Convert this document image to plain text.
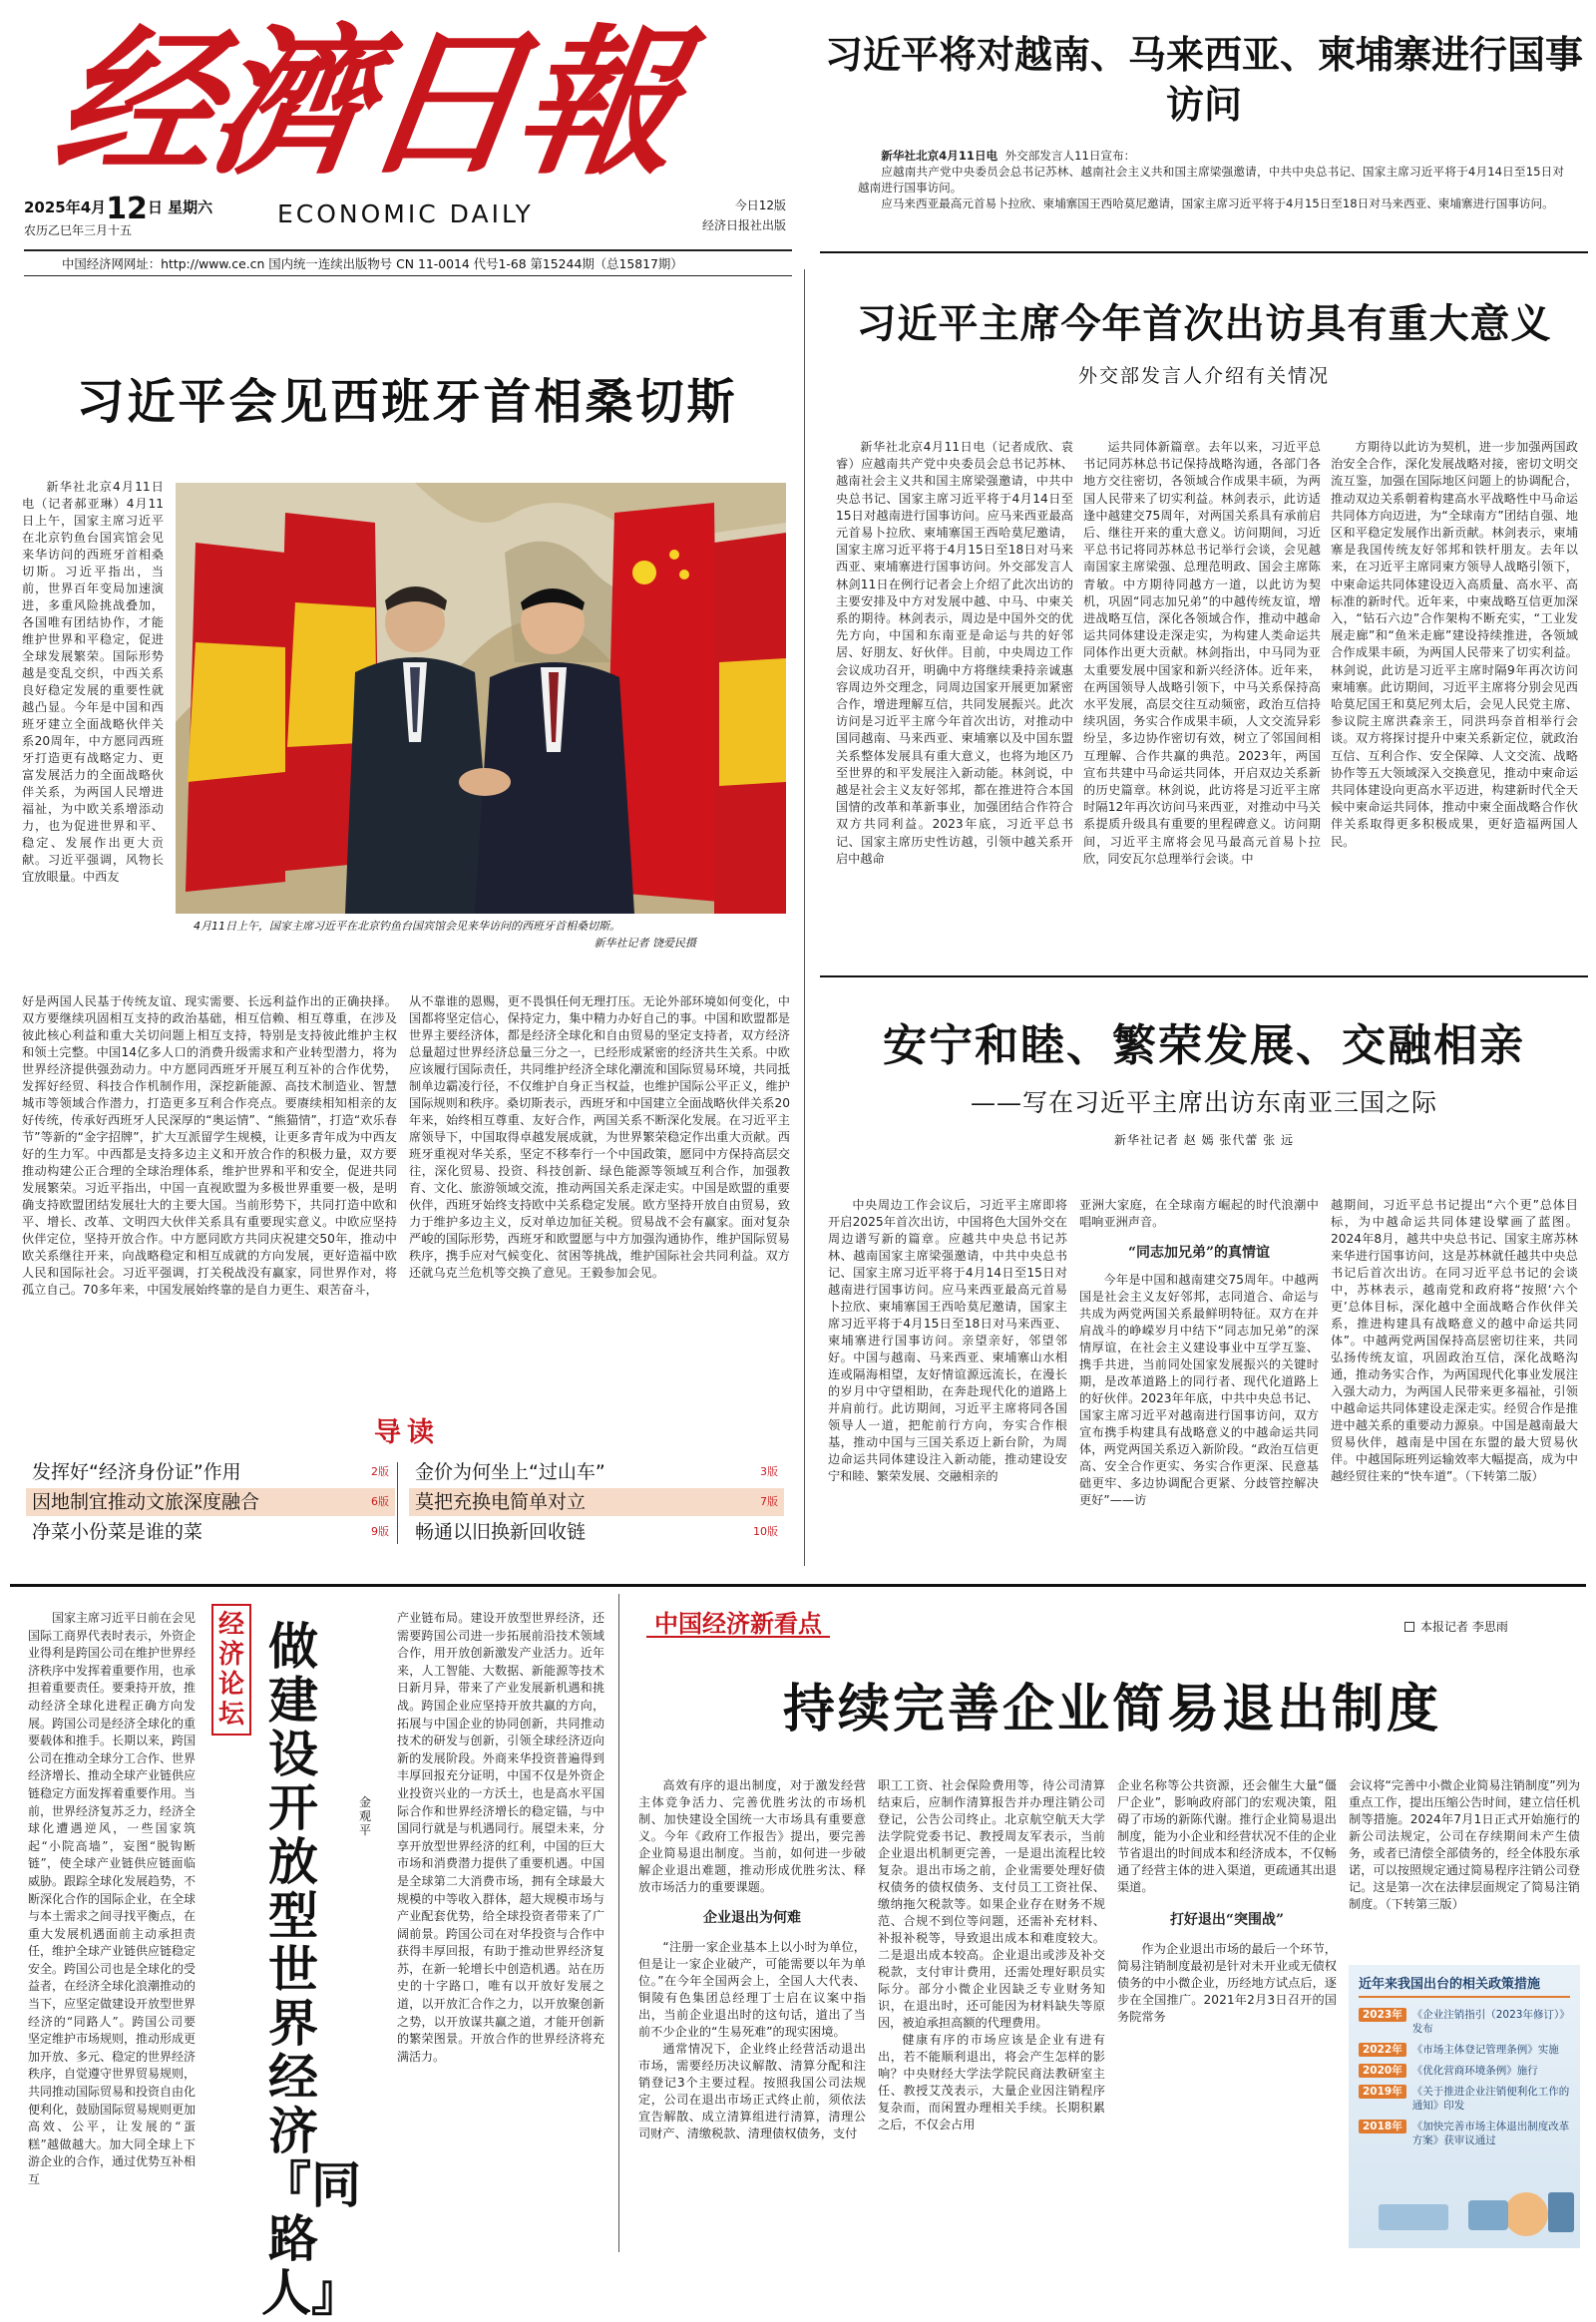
经濟日報
2025年4月12日 星期六
农历乙巳年三月十五
ECONOMIC DAILY	今日12版
经济日报社出版
中国经济网网址：http://www.ce.cn 国内统一连续出版物号 CN 11-0014 代号1-68 第15244期（总15817期）
习近平将对越南、马来西亚、柬埔寨进行国事访问

新华社北京4月11日电 外交部发言人11日宣布：

应越南共产党中央委员会总书记苏林、越南社会主义共和国主席梁强邀请，中共中央总书记、国家主席习近平将于4月14日至15日对越南进行国事访问。

应马来西亚最高元首易卜拉欣、柬埔寨国王西哈莫尼邀请，国家主席习近平将于4月15日至18日对马来西亚、柬埔寨进行国事访问。

习近平主席今年首次出访具有重大意义
外交部发言人介绍有关情况

新华社北京4月11日电（记者成欣、袁睿）应越南共产党中央委员会总书记苏林、越南社会主义共和国主席梁强邀请，中共中央总书记、国家主席习近平将于4月14日至15日对越南进行国事访问。应马来西亚最高元首易卜拉欣、柬埔寨国王西哈莫尼邀请，国家主席习近平将于4月15日至18日对马来西亚、柬埔寨进行国事访问。外交部发言人林剑11日在例行记者会上介绍了此次出访的主要安排及中方对发展中越、中马、中柬关系的期待。林剑表示，周边是中国外交的优先方向，中国和东南亚是命运与共的好邻居、好朋友、好伙伴。目前，中央周边工作会议成功召开，明确中方将继续秉持亲诚惠容周边外交理念，同周边国家开展更加紧密合作，增进理解互信，共同发展振兴。此次访问是习近平主席今年首次出访，对推动中国同越南、马来西亚、柬埔寨以及中国东盟关系整体发展具有重大意义，也将为地区乃至世界的和平发展注入新动能。林剑说，中越是社会主义友好邻邦，都在推进符合本国国情的改革和革新事业，加强团结合作符合双方共同利益。2023年底，习近平总书记、国家主席历史性访越，引领中越关系开启中越命

运共同体新篇章。去年以来，习近平总书记同苏林总书记保持战略沟通，各部门各地方交往密切，各领域合作成果丰硕，为两国人民带来了切实利益。林剑表示，此访适逢中越建交75周年，对两国关系具有承前启后、继往开来的重大意义。访问期间，习近平总书记将同苏林总书记举行会谈，会见越南国家主席梁强、总理范明政、国会主席陈青敏。中方期待同越方一道，以此访为契机，巩固“同志加兄弟”的中越传统友谊，增进战略互信，深化各领域合作，推动中越命运共同体建设走深走实，为构建人类命运共同体作出更大贡献。林剑指出，中马同为亚太重要发展中国家和新兴经济体。近年来，在两国领导人战略引领下，中马关系保持高水平发展，高层交往互动频密，政治互信持续巩固，务实合作成果丰硕，人文交流异彩纷呈，多边协作密切有效，树立了邻国间相互理解、合作共赢的典范。2023年，两国宣布共建中马命运共同体，开启双边关系新的历史篇章。林剑说，此访将是习近平主席时隔12年再次访问马来西亚，对推动中马关系提质升级具有重要的里程碑意义。访问期间，习近平主席将会见马最高元首易卜拉欣，同安瓦尔总理举行会谈。中

方期待以此访为契机，进一步加强两国政治安全合作，深化发展战略对接，密切文明交流互鉴，加强在国际地区问题上的协调配合，推动双边关系朝着构建高水平战略性中马命运共同体方向迈进，为“全球南方”团结自强、地区和平稳定发展作出新贡献。林剑表示，柬埔寨是我国传统友好邻邦和铁杆朋友。去年以来，在习近平主席同柬方领导人战略引领下，中柬命运共同体建设迈入高质量、高水平、高标准的新时代。近年来，中柬战略互信更加深入，“钻石六边”合作架构不断充实，“工业发展走廊”和“鱼米走廊”建设持续推进，各领域合作成果丰硕，为两国人民带来了切实利益。林剑说，此访是习近平主席时隔9年再次访问柬埔寨。此访期间，习近平主席将分别会见西哈莫尼国王和莫尼列太后，会见人民党主席、参议院主席洪森亲王，同洪玛奈首相举行会谈。双方将探讨提升中柬关系新定位，就政治互信、互利合作、安全保障、人文交流、战略协作等五大领域深入交换意见，推动中柬命运共同体建设向更高水平迈进，构建新时代全天候中柬命运共同体，推动中柬全面战略合作伙伴关系取得更多积极成果，更好造福两国人民。

习近平会见西班牙首相桑切斯

新华社北京4月11日电（记者郝亚琳）4月11日上午，国家主席习近平在北京钓鱼台国宾馆会见来华访问的西班牙首相桑切斯。习近平指出，当前，世界百年变局加速演进，多重风险挑战叠加，各国唯有团结协作，才能维护世界和平稳定，促进全球发展繁荣。国际形势越是变乱交织，中西关系良好稳定发展的重要性就越凸显。今年是中国和西班牙建立全面战略伙伴关系20周年，中方愿同西班牙打造更有战略定力、更富发展活力的全面战略伙伴关系，为两国人民增进福祉，为中欧关系增添动力，也为促进世界和平、稳定、发展作出更大贡献。习近平强调，风物长宜放眼量。中西友

4月11日上午，国家主席习近平在北京钓鱼台国宾馆会见来华访问的西班牙首相桑切斯。
新华社记者 饶爱民摄

好是两国人民基于传统友谊、现实需要、长远利益作出的正确抉择。双方要继续巩固相互支持的政治基础，相互信赖、相互尊重，在涉及彼此核心利益和重大关切问题上相互支持，特别是支持彼此维护主权和领土完整。中国14亿多人口的消费升级需求和产业转型潜力，将为世界经济提供强劲动力。中方愿同西班牙开展互利互补的合作优势，发挥好经贸、科技合作机制作用，深挖新能源、高技术制造业、智慧城市等领域合作潜力，打造更多互利合作亮点。要赓续相知相亲的友好传统，传承好西班牙人民深厚的“奥运情”、“熊猫情”，打造“欢乐春节”等新的“金字招牌”，扩大互派留学生规模，让更多青年成为中西友好的生力军。中西都是支持多边主义和开放合作的积极力量，双方要推动构建公正合理的全球治理体系，维护世界和平和安全，促进共同发展繁荣。习近平指出，中国一直视欧盟为多极世界重要一极，是明确支持欧盟团结发展壮大的主要大国。当前形势下，共同打造中欧和平、增长、改革、文明四大伙伴关系具有重要现实意义。中欧应坚持伙伴定位，坚持开放合作。中方愿同欧方共同庆祝建交50年，推动中欧关系继往开来，向战略稳定和相互成就的方向发展，更好造福中欧人民和国际社会。习近平强调，打关税战没有赢家，同世界作对，将孤立自己。70多年来，中国发展始终靠的是自力更生、艰苦奋斗，

从不靠谁的恩赐，更不畏惧任何无理打压。无论外部环境如何变化，中国都将坚定信心，保持定力，集中精力办好自己的事。中国和欧盟都是世界主要经济体，都是经济全球化和自由贸易的坚定支持者，双方经济总量超过世界经济总量三分之一，已经形成紧密的经济共生关系。中欧应该履行国际责任，共同维护经济全球化潮流和国际贸易环境，共同抵制单边霸凌行径，不仅维护自身正当权益，也维护国际公平正义，维护国际规则和秩序。桑切斯表示，西班牙和中国建立全面战略伙伴关系20年来，始终相互尊重、友好合作，两国关系不断深化发展。在习近平主席领导下，中国取得卓越发展成就，为世界繁荣稳定作出重大贡献。西班牙重视对华关系，坚定不移奉行一个中国政策，愿同中方保持高层交往，深化贸易、投资、科技创新、绿色能源等领域互利合作，加强教育、文化、旅游领域交流，推动两国关系走深走实。中国是欧盟的重要伙伴，西班牙始终支持欧中关系稳定发展。欧方坚持开放自由贸易，致力于维护多边主义，反对单边加征关税。贸易战不会有赢家。面对复杂严峻的国际形势，西班牙和欧盟愿与中方加强沟通协作，维护国际贸易秩序，携手应对气候变化、贫困等挑战，维护国际社会共同利益。双方还就乌克兰危机等交换了意见。王毅参加会见。

导读
发挥好“经济身份证”作用	2版
因地制宜推动文旅深度融合	6版
净菜小份菜是谁的菜	9版
金价为何坐上“过山车”	3版
莫把充换电简单对立	7版
畅通以旧换新回收链	10版
安宁和睦、繁荣发展、交融相亲
——写在习近平主席出访东南亚三国之际
新华社记者 赵 嫣 张代蕾 张 远

中央周边工作会议后，习近平主席即将开启2025年首次出访，中国将色大国外交在周边谱写新的篇章。应越共中央总书记苏林、越南国家主席梁强邀请，中共中央总书记、国家主席习近平将于4月14日至15日对越南进行国事访问。应马来西亚最高元首易卜拉欣、柬埔寨国王西哈莫尼邀请，国家主席习近平将于4月15日至18日对马来西亚、柬埔寨进行国事访问。亲望亲好，邻望邻好。中国与越南、马来西亚、柬埔寨山水相连或隔海相望，友好情谊源远流长，在漫长的岁月中守望相助，在奔赴现代化的道路上并肩前行。此访期间，习近平主席将同各国领导人一道，把舵前行方向，夯实合作根基，推动中国与三国关系迈上新台阶，为周边命运共同体建设注入新动能，推动建设安宁和睦、繁荣发展、交融相亲的

亚洲大家庭，在全球南方崛起的时代浪潮中唱响亚洲声音。

“同志加兄弟”的真情谊

今年是中国和越南建交75周年。中越两国是社会主义友好邻邦，志同道合、命运与共成为两党两国关系最鲜明特征。双方在并肩战斗的峥嵘岁月中结下“同志加兄弟”的深情厚谊，在社会主义建设事业中互学互鉴、携手共进，当前同处国家发展振兴的关键时期，是改革道路上的同行者、现代化道路上的好伙伴。2023年年底，中共中央总书记、国家主席习近平对越南进行国事访问，双方宣布携手构建具有战略意义的中越命运共同体，两党两国关系迈入新阶段。“政治互信更高、安全合作更实、务实合作更深、民意基础更牢、多边协调配合更紧、分歧管控解决更好”——访

越期间，习近平总书记提出“六个更”总体目标，为中越命运共同体建设擘画了蓝图。2024年8月，越共中央总书记、国家主席苏林来华进行国事访问，这是苏林就任越共中央总书记后首次出访。在同习近平总书记的会谈中，苏林表示，越南党和政府将“按照‘六个更’总体目标，深化越中全面战略合作伙伴关系，推进构建具有战略意义的越中命运共同体”。中越两党两国保持高层密切往来，共同弘扬传统友谊，巩固政治互信，深化战略沟通，推动务实合作，为两国现代化事业发展注入强大动力，为两国人民带来更多福祉，引领中越命运共同体建设走深走实。经贸合作是推进中越关系的重要动力源泉。中国是越南最大贸易伙伴，越南是中国在东盟的最大贸易伙伴。中越国际班列运输效率大幅提高，成为中越经贸往来的“快车道”。（下转第二版）

国家主席习近平日前在会见国际工商界代表时表示，外资企业得利是跨国公司在维护世界经济秩序中发挥着重要作用，也承担着重要责任。要秉持开放，推动经济全球化进程正确方向发展。跨国公司是经济全球化的重要载体和推手。长期以来，跨国公司在推动全球分工合作、世界经济增长、推动全球产业链供应链稳定方面发挥着重要作用。当前，世界经济复苏乏力，经济全球化遭遇逆风，一些国家筑起“小院高墙”，妄图“脱钩断链”，使全球产业链供应链面临威胁。跟踪全球化发展趋势，不断深化合作的国际企业，在全球与本土需求之间寻找平衡点，在重大发展机遇面前主动承担责任，维护全球产业链供应链稳定安全。跨国公司也是全球化的受益者，在经济全球化浪潮推动的当下，应坚定做建设开放型世界经济的“同路人”。跨国公司要坚定维护市场规则，推动形成更加开放、多元、稳定的世界经济秩序，自觉遵守世界贸易规则，共同推动国际贸易和投资自由化便利化，鼓励国际贸易规则更加高效、公平，让发展的“蛋糕”越做越大。加大同全球上下游企业的合作，通过优势互补相互

经济论坛
做建设开放型世界经济『同路人』
金观平

产业链布局。建设开放型世界经济，还需要跨国公司进一步拓展前沿技术领域合作，用开放创新激发产业活力。近年来，人工智能、大数据、新能源等技术日新月异，带来了产业发展新机遇和挑战。跨国企业应坚持开放共赢的方向，拓展与中国企业的协同创新，共同推动技术的研发与创新，引领全球经济迈向新的发展阶段。外商来华投资普遍得到丰厚回报充分证明，中国不仅是外资企业投资兴业的一方沃土，也是高水平国际合作和世界经济增长的稳定锚，与中国同行就是与机遇同行。展望未来，分享开放型世界经济的红利，中国的巨大市场和消费潜力提供了重要机遇。中国是全球第二大消费市场，拥有全球最大规模的中等收入群体，超大规模市场与产业配套优势，给全球投资者带来了广阔前景。跨国公司在对华投资与合作中获得丰厚回报，有助于推动世界经济复苏，在新一轮增长中创造机遇。站在历史的十字路口，唯有以开放好发展之道，以开放汇合作之力，以开放聚创新之势，以开放谋共赢之道，才能开创新的繁荣图景。开放合作的世界经济将充满活力。

中国经济新看点	本报记者 李思雨
持续完善企业简易退出制度

高效有序的退出制度，对于激发经营主体竞争活力、完善优胜劣汰的市场机制、加快建设全国统一大市场具有重要意义。今年《政府工作报告》提出，要完善企业简易退出制度。当前，如何进一步破解企业退出难题，推动形成优胜劣汰、释放市场活力的重要课题。

企业退出为何难

“注册一家企业基本上以小时为单位，但是让一家企业破产，可能需要以年为单位。”在今年全国两会上，全国人大代表、铜陵有色集团总经理丁士启在议案中指出，当前企业退出时的这句话，道出了当前不少企业的“生易死难”的现实困境。

通常情况下，企业终止经营活动退出市场，需要经历决议解散、清算分配和注销登记3个主要过程。按照我国公司法规定，公司在退出市场正式终止前，须依法宣告解散、成立清算组进行清算，清理公司财产、清缴税款、清理债权债务，支付

职工工资、社会保险费用等，待公司清算结束后，应制作清算报告并办理注销公司登记，公告公司终止。北京航空航天大学法学院党委书记、教授周友军表示，当前企业退出机制更完善，一是退出流程比较复杂。退出市场之前，企业需要处理好债权债务的债权债务、支付员工工资社保、缴纳拖欠税款等。如果企业存在财务不规范、合规不到位等问题，还需补充材料、补报补税等，导致退出成本和难度较大。二是退出成本较高。企业退出或涉及补交税款，支付审计费用，还需处理好职员实际分。部分小微企业因缺乏专业财务知识，在退出时，还可能因为材料缺失等原因，被迫承担高额的代理费用。

健康有序的市场应该是企业有进有出，若不能顺利退出，将会产生怎样的影响？中央财经大学法学院民商法教研室主任、教授艾茂表示，大量企业因注销程序复杂而，而闲置办理相关手续。长期积累之后，不仅会占用

企业名称等公共资源，还会催生大量“僵尸企业”，影响政府部门的宏观决策，阻碍了市场的新陈代谢。推行企业简易退出制度，能为小企业和经营状况不佳的企业节省退出的时间成本和经济成本，不仅畅通了经营主体的进入渠道，更疏通其出退渠道。

打好退出“突围战”

作为企业退出市场的最后一个环节，简易注销制度最初是针对未开业或无债权债务的中小微企业，历经地方试点后，逐步在全国推广。2021年2月3日召开的国务院常务

会议将“完善中小微企业简易注销制度”列为重点工作，提出压缩公告时间，建立信任机制等措施。2024年7月1日正式开始施行的新公司法规定，公司在存续期间未产生债务，或者已清偿全部债务的，经全体股东承诺，可以按照规定通过简易程序注销公司登记。这是第一次在法律层面规定了简易注销制度。（下转第三版）

近年来我国出台的相关政策措施
2023年 《企业注销指引（2023年修订）》发布
2022年 《市场主体登记管理条例》实施
2020年 《优化营商环境条例》施行
2019年 《关于推进企业注销便利化工作的通知》印发
2018年 《加快完善市场主体退出制度改革方案》获审议通过
